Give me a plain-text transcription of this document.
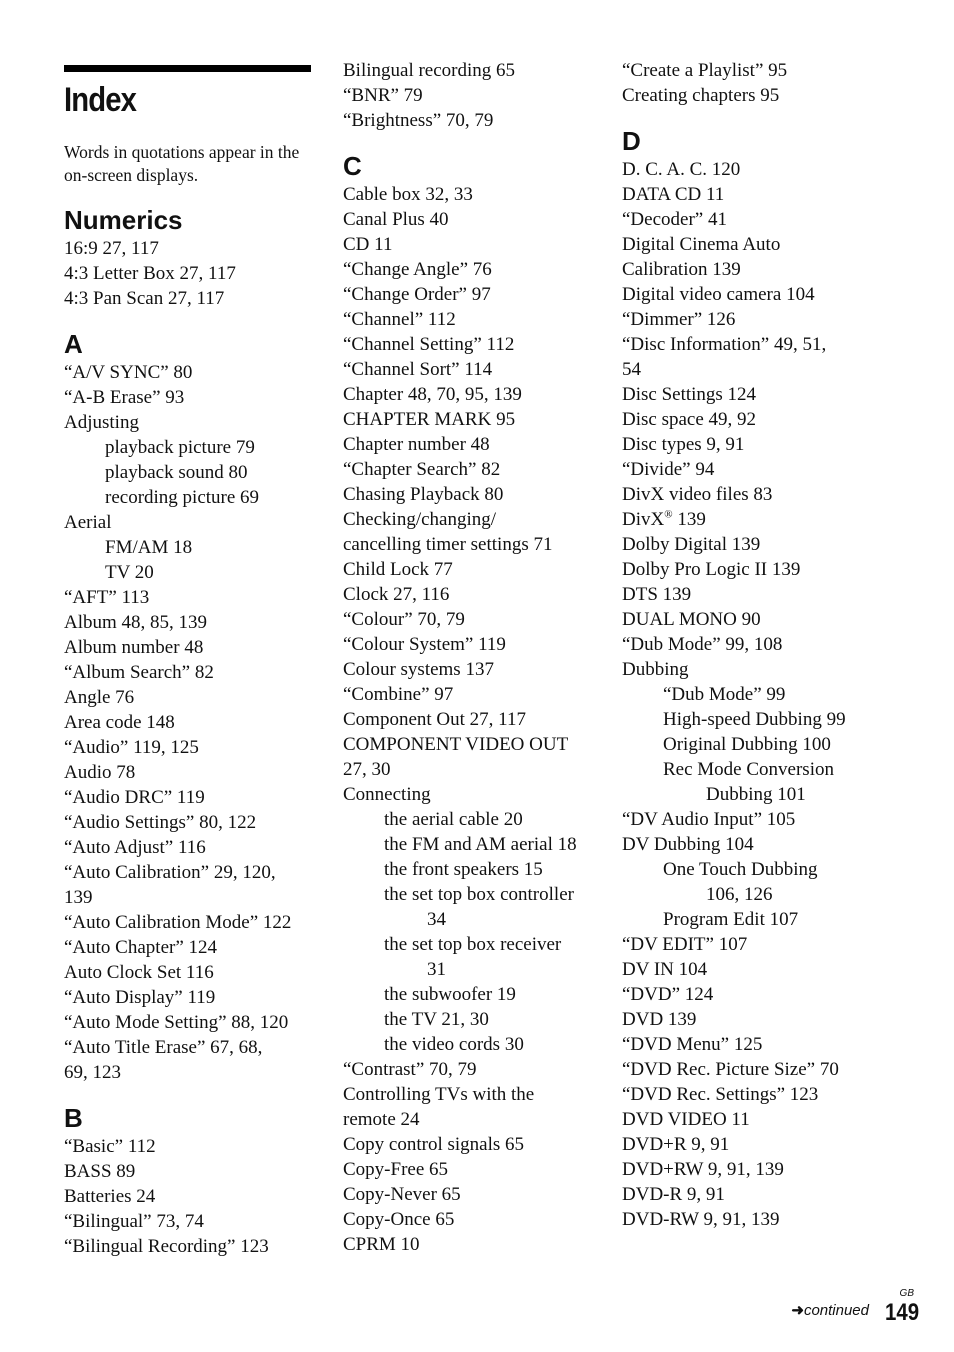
Index
Words in quotations appear in the on-screen displays.
Numerics
16:9 27, 117
4:3 Letter Box 27, 117
4:3 Pan Scan 27, 117
A
“A/V SYNC” 80
“A-B Erase” 93
Adjusting
playback picture 79
playback sound 80
recording picture 69
Aerial
FM/AM 18
TV 20
“AFT” 113
Album 48, 85, 139
Album number 48
“Album Search” 82
Angle 76
Area code 148
“Audio” 119, 125
Audio 78
“Audio DRC” 119
“Audio Settings” 80, 122
“Auto Adjust” 116
“Auto Calibration” 29, 120,
139
“Auto Calibration Mode” 122
“Auto Chapter” 124
Auto Clock Set 116
“Auto Display” 119
“Auto Mode Setting” 88, 120
“Auto Title Erase” 67, 68,
69, 123
B
“Basic” 112
BASS 89
Batteries 24
“Bilingual” 73, 74
“Bilingual Recording” 123
Bilingual recording 65
“BNR” 79
“Brightness” 70, 79
C
Cable box 32, 33
Canal Plus 40
CD 11
“Change Angle” 76
“Change Order” 97
“Channel” 112
“Channel Setting” 112
“Channel Sort” 114
Chapter 48, 70, 95, 139
CHAPTER MARK 95
Chapter number 48
“Chapter Search” 82
Chasing Playback 80
Checking/changing/
cancelling timer settings 71
Child Lock 77
Clock 27, 116
“Colour” 70, 79
“Colour System” 119
Colour systems 137
“Combine” 97
Component Out 27, 117
COMPONENT VIDEO OUT
27, 30
Connecting
the aerial cable 20
the FM and AM aerial 18
the front speakers 15
the set top box controller
34
the set top box receiver
31
the subwoofer 19
the TV 21, 30
the video cords 30
“Contrast” 70, 79
Controlling TVs with the
remote 24
Copy control signals 65
Copy-Free 65
Copy-Never 65
Copy-Once 65
CPRM 10
“Create a Playlist” 95
Creating chapters 95
D
D. C. A. C. 120
DATA CD 11
“Decoder” 41
Digital Cinema Auto
Calibration 139
Digital video camera 104
“Dimmer” 126
“Disc Information” 49, 51,
54
Disc Settings 124
Disc space 49, 92
Disc types 9, 91
“Divide” 94
DivX video files 83
DivX® 139
Dolby Digital 139
Dolby Pro Logic II 139
DTS 139
DUAL MONO 90
“Dub Mode” 99, 108
Dubbing
“Dub Mode” 99
High-speed Dubbing 99
Original Dubbing 100
Rec Mode Conversion
Dubbing 101
“DV Audio Input” 105
DV Dubbing 104
One Touch Dubbing
106, 126
Program Edit 107
“DV EDIT” 107
DV IN 104
“DVD” 124
DVD 139
“DVD Menu” 125
“DVD Rec. Picture Size” 70
“DVD Rec. Settings” 123
DVD VIDEO 11
DVD+R 9, 91
DVD+RW 9, 91, 139
DVD-R 9, 91
DVD-RW 9, 91, 139
➜continued
GB
149
